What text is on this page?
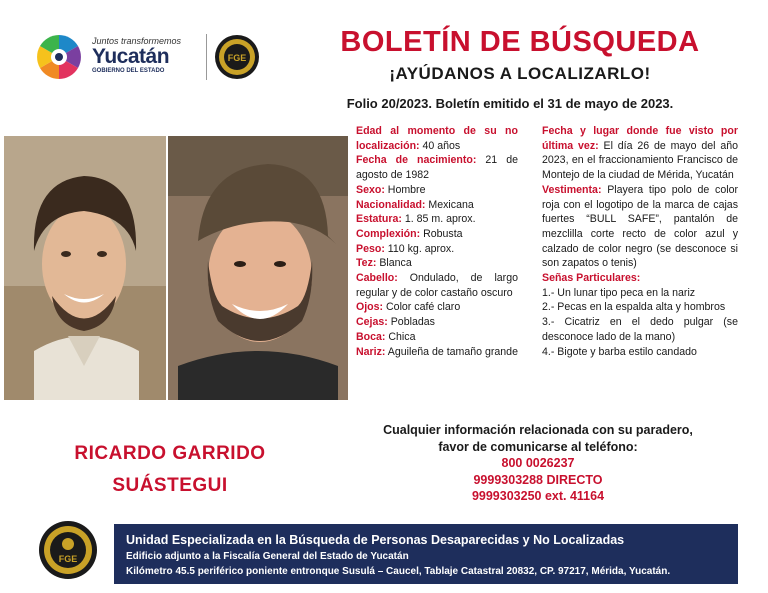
Juntos transformemos
Yucatán
GOBIERNO DEL ESTADO
FGE	BOLETÍN DE BÚSQUEDA
¡AYÚDANOS A LOCALIZARLO!
Folio 20/2023. Boletín emitido el 31 de mayo de 2023.
Edad al momento de su no localización: 40 años
Fecha de nacimiento: 21 de agosto de 1982
Sexo: Hombre
Nacionalidad: Mexicana
Estatura: 1. 85 m. aprox.
Complexión: Robusta
Peso: 110 kg. aprox.
Tez: Blanca
Cabello: Ondulado, de largo regular y de color castaño oscuro
Ojos: Color café claro
Cejas: Pobladas
Boca: Chica
Nariz: Aguileña de tamaño grande
Fecha y lugar donde fue visto por última vez: El día 26 de mayo del año 2023, en el fraccionamiento Francisco de Montejo de la ciudad de Mérida, Yucatán
Vestimenta: Playera tipo polo de color roja con el logotipo de la marca de cajas fuertes “BULL SAFE”, pantalón de mezclilla corte recto de color azul y calzado de color negro (se desconoce si son zapatos o tenis)
Señas Particulares:
1.- Un lunar tipo peca en la nariz
2.- Pecas en la espalda alta y hombros
3.- Cicatriz en el dedo pulgar (se desconoce lado de la mano)
4.- Bigote y barba estilo candado
RICARDO GARRIDO
SUÁSTEGUI
Cualquier información relacionada con su paradero,
favor de comunicarse al teléfono:
800 0026237
9999303288 DIRECTO
9999303250 ext. 41164
FGE
Unidad Especializada en la Búsqueda de Personas Desaparecidas y No Localizadas
Edificio adjunto a la Fiscalía General del Estado de Yucatán
Kilómetro 45.5 periférico poniente entronque Susulá – Caucel, Tablaje Catastral 20832, CP. 97217, Mérida, Yucatán.
